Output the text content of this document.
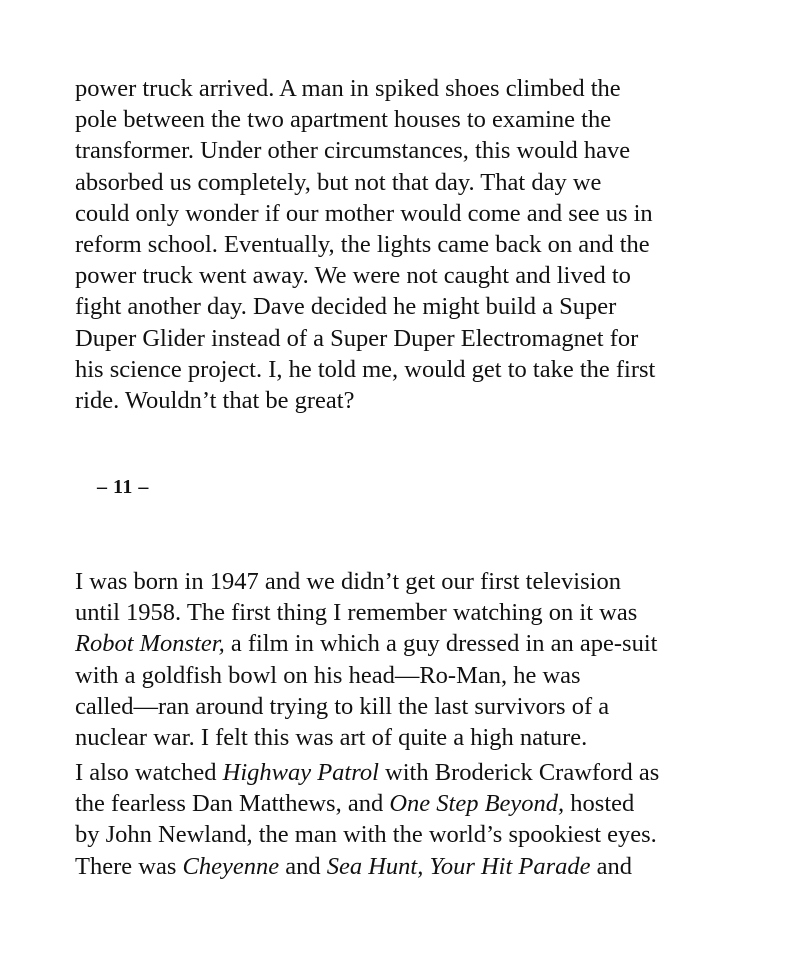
power truck arrived. A man in spiked shoes climbed the
pole between the two apartment houses to examine the
transformer. Under other circumstances, this would have
absorbed us completely, but not that day. That day we
could only wonder if our mother would come and see us in
reform school. Eventually, the lights came back on and the
power truck went away. We were not caught and lived to
fight another day. Dave decided he might build a Super
Duper Glider instead of a Super Duper Electromagnet for
his science project. I, he told me, would get to take the first
ride. Wouldn’t that be great?

– 11 –

I was born in 1947 and we didn’t get our first television
until 1958. The first thing I remember watching on it was
Robot Monster, a film in which a guy dressed in an ape-suit
with a goldfish bowl on his head—Ro-Man, he was
called—ran around trying to kill the last survivors of a
nuclear war. I felt this was art of quite a high nature.

I also watched Highway Patrol with Broderick Crawford as
the fearless Dan Matthews, and One Step Beyond, hosted
by John Newland, the man with the world’s spookiest eyes.
There was Cheyenne and Sea Hunt, Your Hit Parade and
